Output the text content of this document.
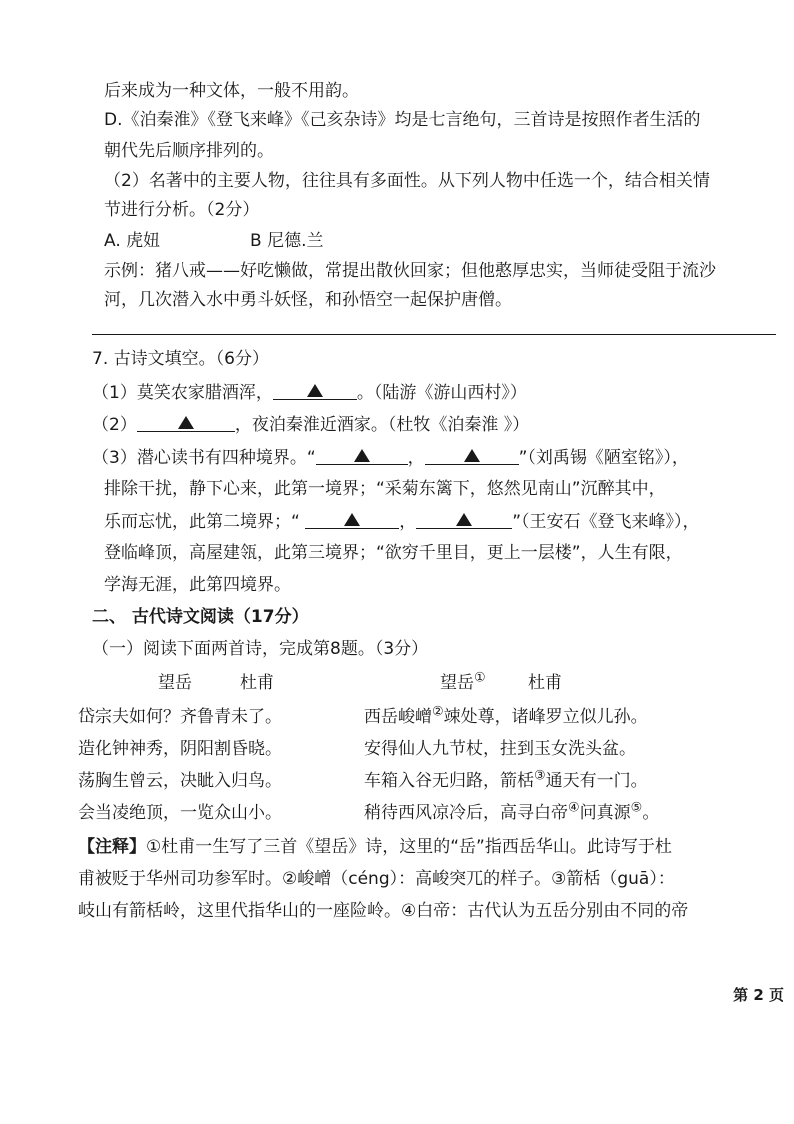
后来成为一种文体，一般不用韵。
D.《泊秦淮》《登飞来峰》《己亥杂诗》均是七言绝句，三首诗是按照作者生活的
朝代先后顺序排列的。
（2）名著中的主要人物，往往具有多面性。从下列人物中任选一个，结合相关情
节进行分析。（2分）
A. 虎妞	B 尼德.兰
示例：猪八戒——好吃懒做，常提出散伙回家；但他憨厚忠实，当师徒受阻于流沙
河，几次潜入水中勇斗妖怪，和孙悟空一起保护唐僧。
7. 古诗文填空。（6分）
（1）莫笑农家腊酒浑，	。（陆游《游山西村》）
（2）	，夜泊秦淮近酒家。（杜牧《泊秦淮 》）
（3）潜心读书有四种境界。“	，	”（刘禹锡《陋室铭》），
排除干扰，静下心来，此第一境界；“采菊东篱下，悠然见南山”沉醉其中，
乐而忘忧，此第二境界；“	，	”（王安石《登飞来峰》），
登临峰顶，高屋建瓴，此第三境界；“欲穷千里目，更上一层楼”，人生有限，
学海无涯，此第四境界。
二、 古代诗文阅读（17分）
（一）阅读下面两首诗，完成第8题。（3分）
望岳	杜甫	望岳① 杜甫
岱宗夫如何？齐鲁青未了。
造化钟神秀，阴阳割昏晓。
荡胸生曾云，决眦入归鸟。
会当凌绝顶，一览众山小。
西岳峻嶒②竦处尊，诸峰罗立似儿孙。
安得仙人九节杖，拄到玉女洗头盆。
车箱入谷无归路，箭栝③通天有一门。
稍待西风凉冷后，高寻白帝④问真源⑤。
【注释】①杜甫一生写了三首《望岳》诗，这里的“岳”指西岳华山。此诗写于杜
甫被贬于华州司功参军时。②峻嶒（céng）：高峻突兀的样子。③箭栝（guā）：
岐山有箭栝岭，这里代指华山的一座险岭。④白帝：古代认为五岳分别由不同的帝
第 2 页
